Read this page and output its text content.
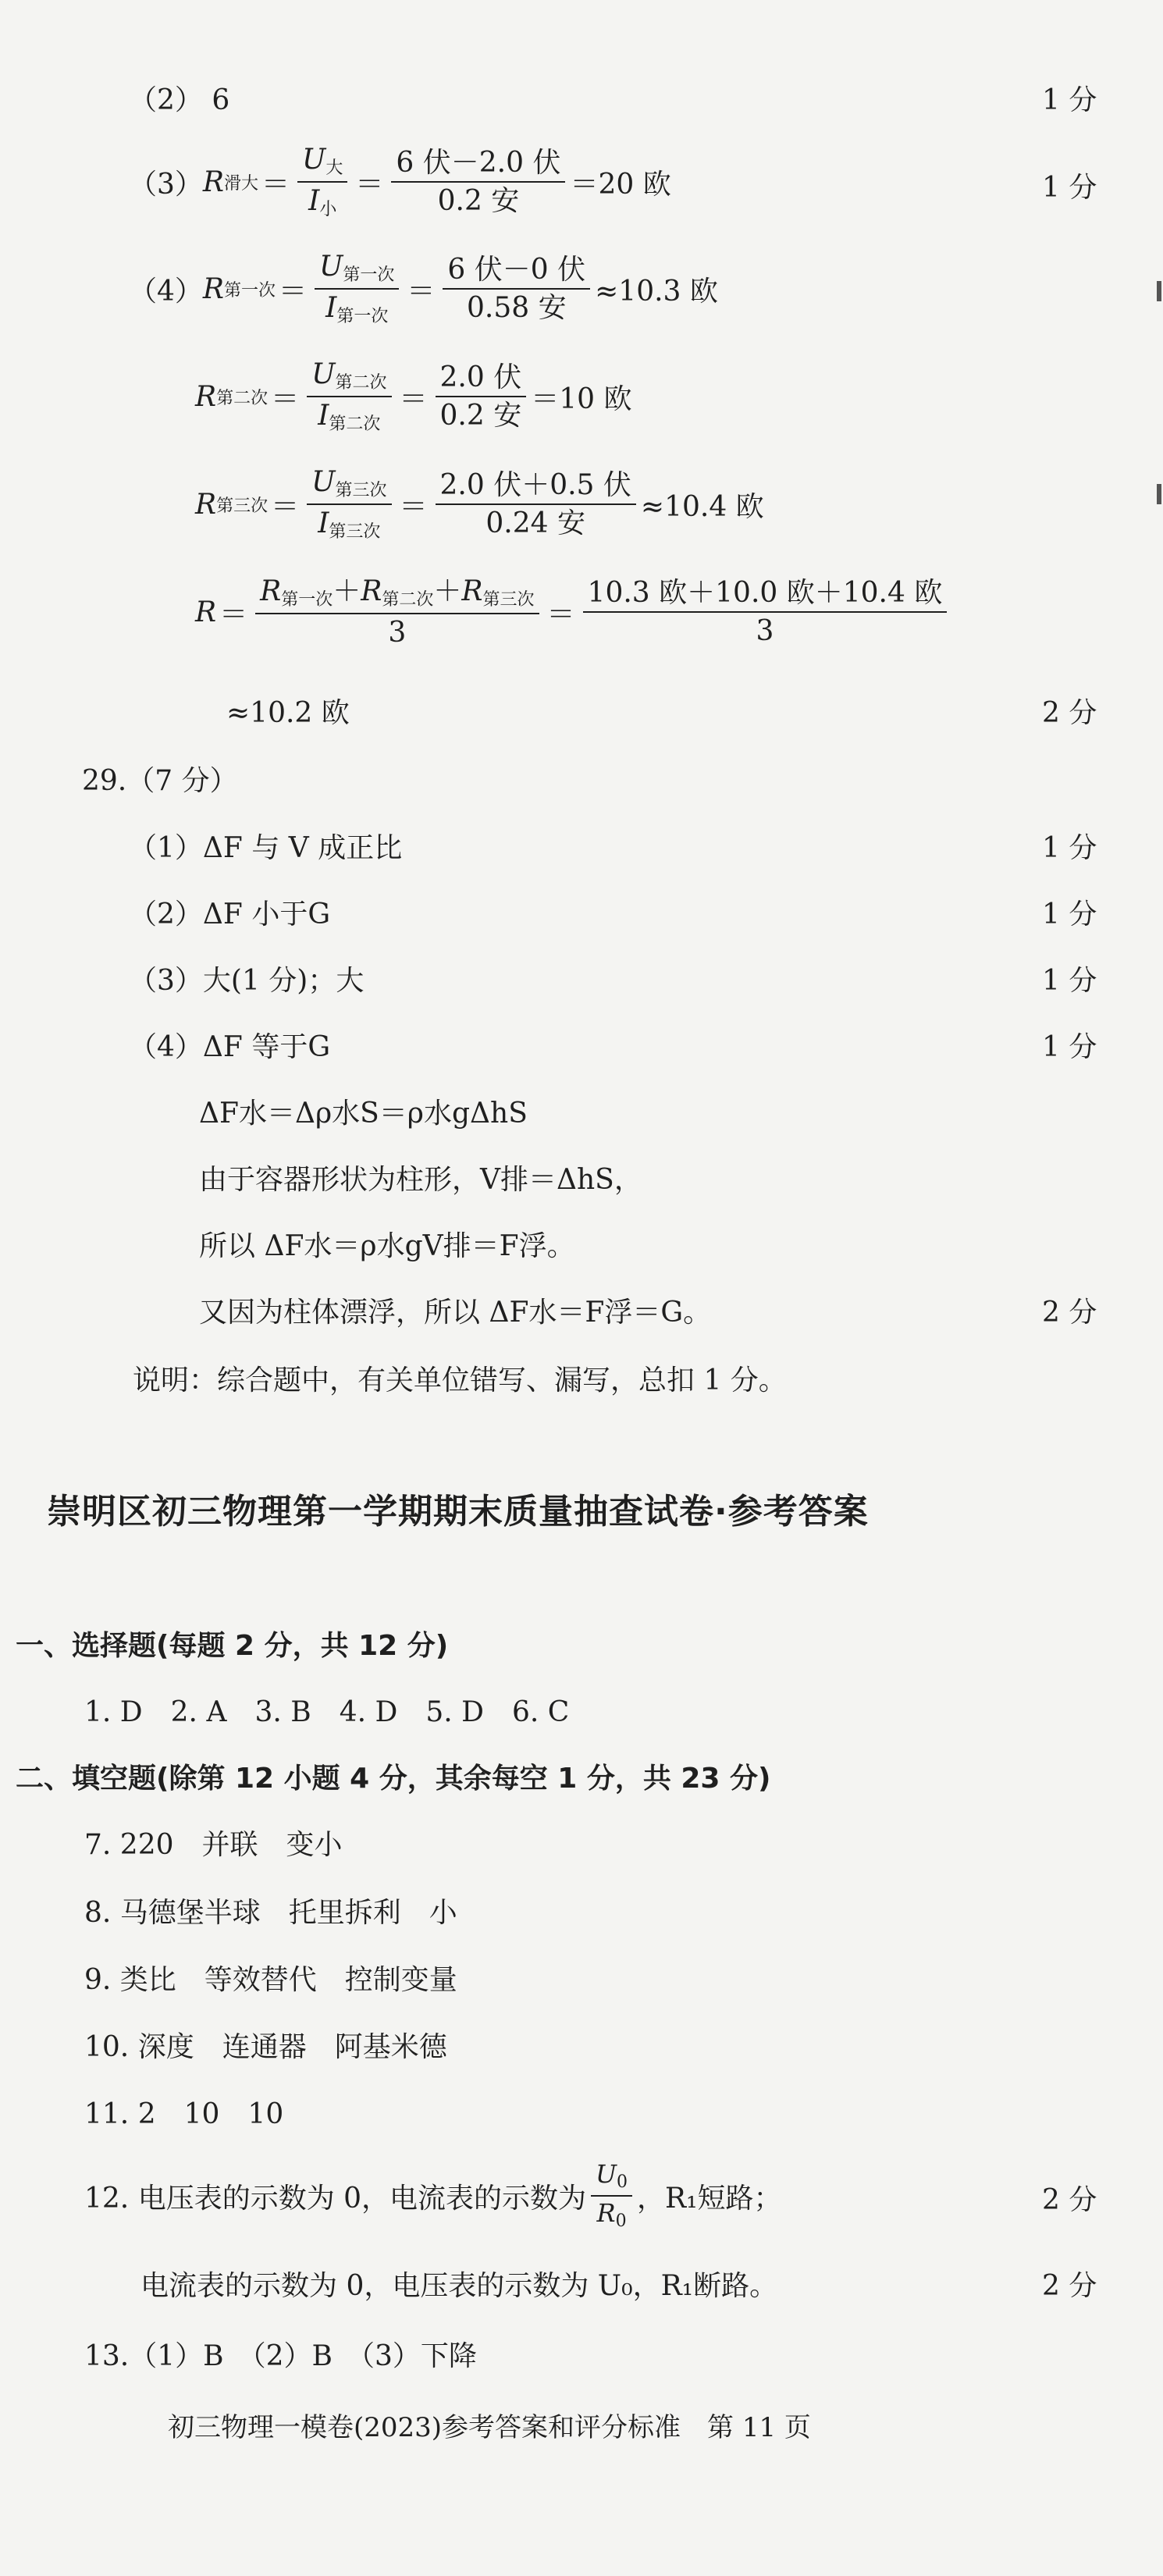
（2） 6	1 分
（3） R 滑大 ＝ $\frac{U_大}{I_小} = \frac{\text{6 伏－2.0 伏}}{\text{0.2 安}} =20$ 欧	1 分
（4） R 第一次 ＝ $\frac{U_{第一次}}{I_{第一次}} = \frac{\text{6 伏－0 伏}}{\text{0.58 安}} \approx 10.3$ 欧
R 第二次 ＝ $\frac{U_{第二次}}{I_{第二次}} = \frac{\text{2.0 伏}}{\text{0.2 安}} =10$ 欧
R 第三次 ＝ $\frac{U_{第三次}}{I_{第三次}} = \frac{\text{2.0 伏＋0.5 伏}}{\text{0.24 安}} \approx 10.4$ 欧
$R = \frac{R_{第一次}+R_{第二次}+R_{第三次}}{3} = \frac{\text{10.3 欧＋10.0 欧＋10.4 欧}}{3}$
≈10.2 欧	2 分
29.（7 分）
（1）ΔF 与 V 成正比	1 分
（2）ΔF 小于G	1 分
（3）大(1 分)；大	1 分
（4）ΔF 等于G	1 分
ΔF水＝Δρ水S＝ρ水gΔhS
由于容器形状为柱形，V排＝ΔhS，
所以 ΔF水＝ρ水gV排＝F浮。
又因为柱体漂浮，所以 ΔF水＝F浮＝G。	2 分
说明：综合题中，有关单位错写、漏写，总扣 1 分。
崇明区初三物理第一学期期末质量抽查试卷·参考答案
一、选择题(每题 2 分，共 12 分)
1. D　2. A　3. B　4. D　5. D　6. C
二、填空题(除第 12 小题 4 分，其余每空 1 分，共 23 分)
7. 220　并联　变小
8. 马德堡半球　托里拆利　小
9. 类比　等效替代　控制变量
10. 深度　连通器　阿基米德
11. 2　10　10
12. 电压表的示数为 0，电流表的示数为 $\frac{U_0}{R_0}$ ，R₁短路；	2 分
电流表的示数为 0，电压表的示数为 U₀，R₁断路。	2 分
13.（1）B　（2）B　（3）下降
初三物理一模卷(2023)参考答案和评分标准　第 11 页
